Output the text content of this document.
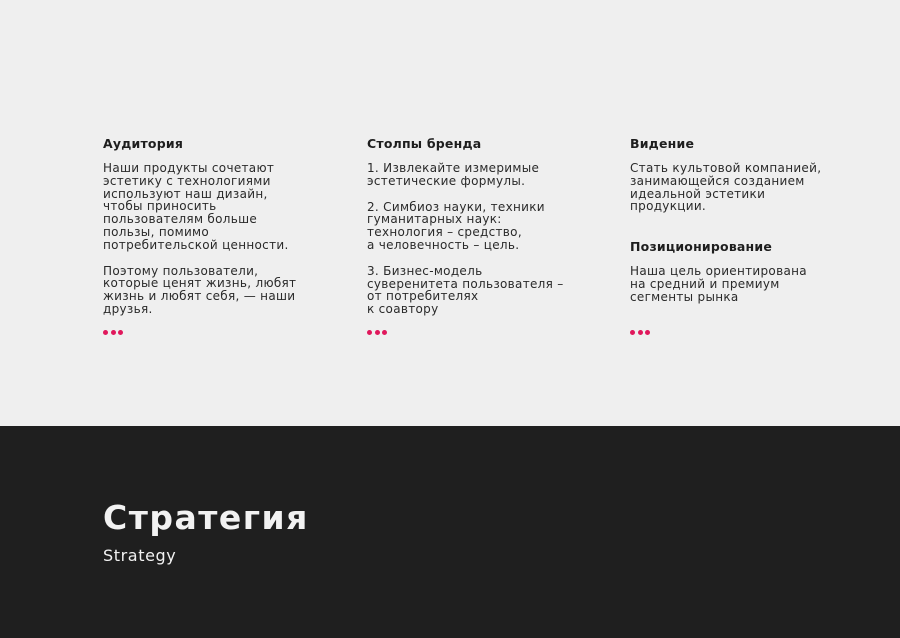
Аудитория
Наши продукты сочетают
эстетику с технологиями
используют наш дизайн,
чтобы приносить
пользователям больше
пользы, помимо
потребительской ценности.
Поэтому пользователи,
которые ценят жизнь, любят
жизнь и любят себя, — наши
друзья.
Столпы бренда
1. Извлекайте измеримые
эстетические формулы.
2. Симбиоз науки, техники
гуманитарных наук:
технология – средство,
а человечность – цель.
3. Бизнес-модель
суверенитета пользователя –
от потребителях
к соавтору
Видение
Стать культовой компанией,
занимающейся созданием
идеальной эстетики
продукции.
Позиционирование
Наша цель ориентирована
на средний и премиум
сегменты рынка
Стратегия
Strategy
